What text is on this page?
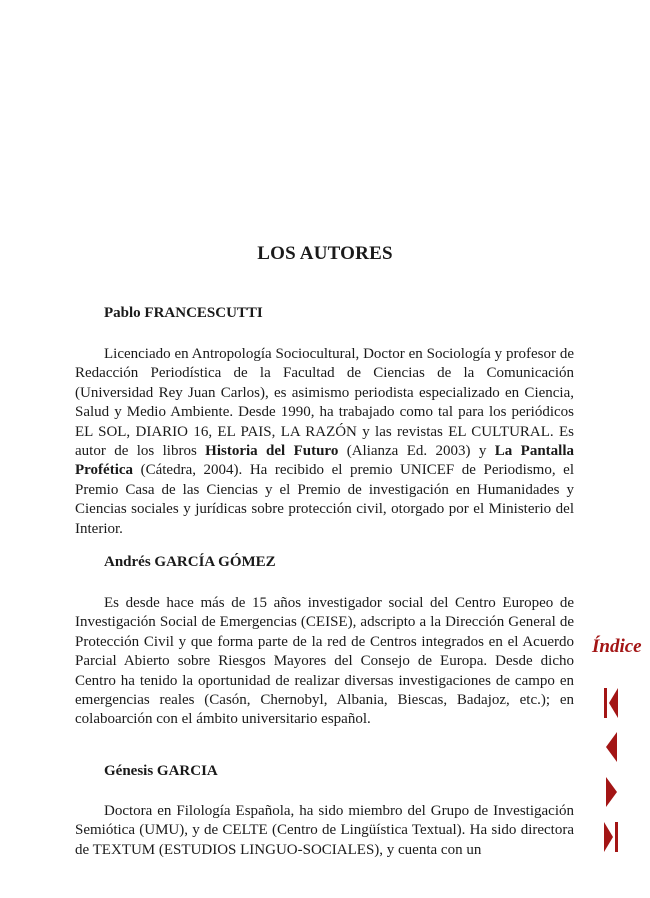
LOS AUTORES
Pablo FRANCESCUTTI

Licenciado en Antropología Sociocultural, Doctor en Sociología y profesor de Redacción Periodística de la Facultad de Ciencias de la Comunicación (Universidad Rey Juan Carlos), es asimismo periodista especializado en Ciencia, Salud y Medio Ambiente. Desde 1990, ha trabajado como tal para los periódicos EL SOL, DIARIO 16, EL PAIS, LA RAZÓN y las revistas EL CULTURAL. Es autor de los libros Historia del Futuro (Alianza Ed. 2003) y La Pantalla Profética (Cátedra, 2004). Ha recibido el premio UNICEF de Periodismo, el Premio Casa de las Ciencias y el Premio de investigación en Humanidades y Ciencias sociales y jurídicas sobre protección civil, otorgado por el Ministerio del Interior.

Andrés GARCÍA GÓMEZ

Es desde hace más de 15 años investigador social del Centro Europeo de Investigación Social de Emergencias (CEISE), adscripto a la Dirección General de Protección Civil y que forma parte de la red de Centros integrados en el Acuerdo Parcial Abierto sobre Riesgos Mayores del Consejo de Europa. Desde dicho Centro ha tenido la oportunidad de realizar diversas investigaciones de campo en emergencias reales (Casón, Chernobyl, Albania, Biescas, Badajoz, etc.); en colaboarción con el ámbito universitario español.

Génesis GARCIA

Doctora en Filología Española, ha sido miembro del Grupo de Investigación Semiótica (UMU), y de CELTE (Centro de Lingüística Textual). Ha sido directora de TEXTUM (ESTUDIOS LINGUO-SOCIALES), y cuenta con un

Índice
